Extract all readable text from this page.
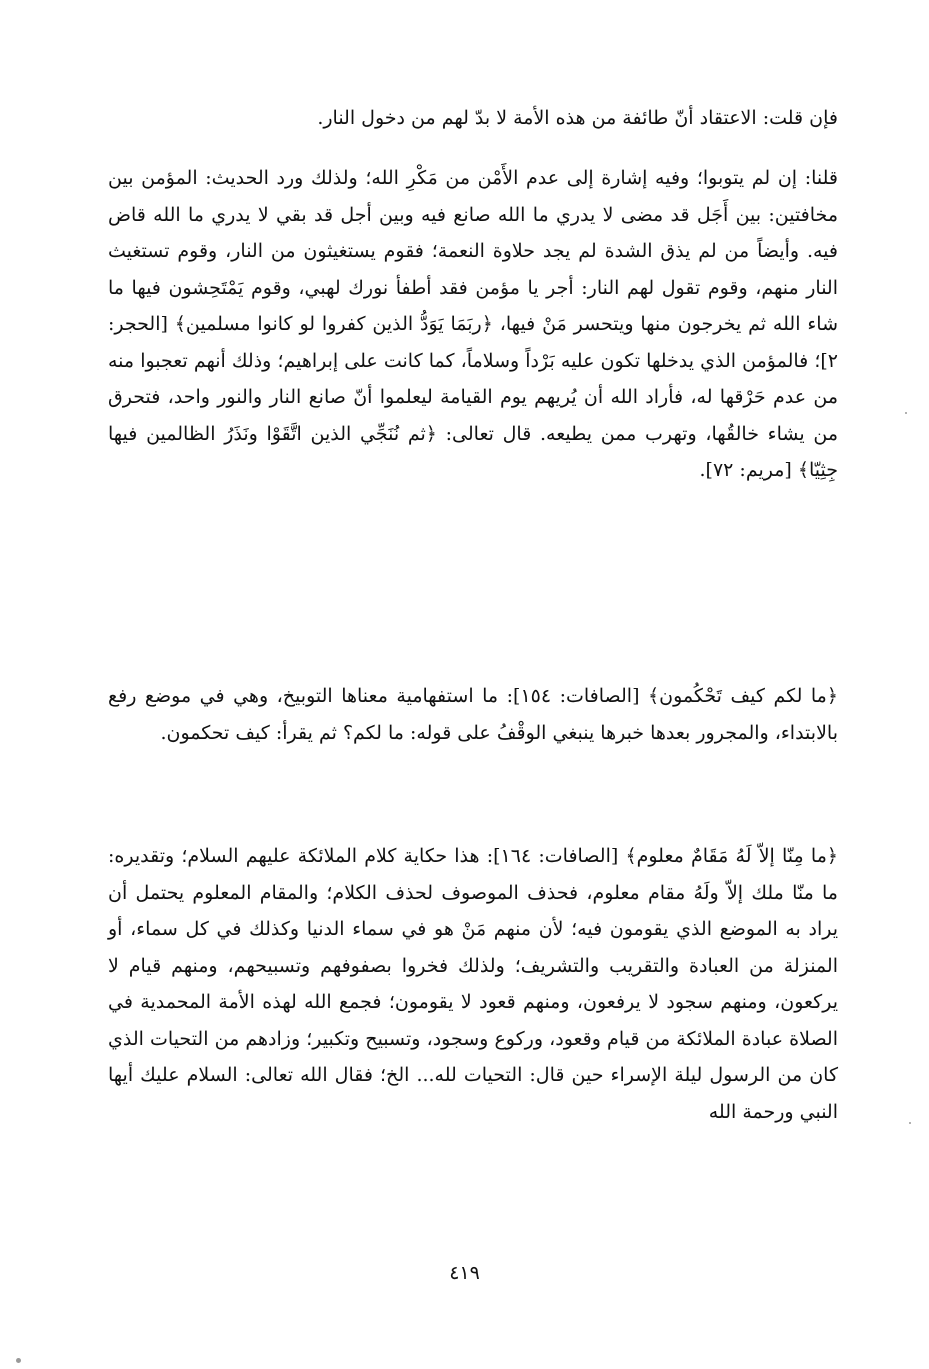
فإن قلت: الاعتقاد أنّ طائفة من هذه الأمة لا بدّ لهم من دخول النار.

قلنا: إن لم يتوبوا؛ وفيه إشارة إلى عدم الأَمْن من مَكْرِ الله؛ ولذلك ورد الحديث: المؤمن بين مخافتين: بين أَجَل قد مضى لا يدري ما الله صانع فيه وبين أجل قد بقي لا يدري ما الله قاض فيه. وأيضاً من لم يذق الشدة لم يجد حلاوة النعمة؛ فقوم يستغيثون من النار، وقوم تستغيث النار منهم، وقوم تقول لهم النار: أجر يا مؤمن فقد أطفأ نورك لهبي، وقوم يَمْتَحِشون فيها ما شاء الله ثم يخرجون منها ويتحسر مَنْ فيها، ﴿ربَمَا يَوَدُّ الذين كفروا لو كانوا مسلمين﴾ [الحجر: ٢]؛ فالمؤمن الذي يدخلها تكون عليه بَرْداً وسلاماً، كما كانت على إبراهيم؛ وذلك أنهم تعجبوا منه من عدم حَرْقها له، فأراد الله أن يُريهم يوم القيامة ليعلموا أنّ صانع النار والنور واحد، فتحرق من يشاء خالقُها، وتهرب ممن يطيعه. قال تعالى: ﴿ثم نُنَجِّي الذين اتَّقَوْا ونَذَرُ الظالمين فيها جِثِيّا﴾ [مريم: ٧٢].

﴿ما لكم كيف تَحْكُمون﴾ [الصافات: ١٥٤]: ما استفهامية معناها التوبيخ، وهي في موضع رفع بالابتداء، والمجرور بعدها خبرها ينبغي الوقْفُ على قوله: ما لكم؟ ثم يقرأ: كيف تحكمون.

﴿ما مِنّا إلاّ لَهُ مَقَامٌ معلوم﴾ [الصافات: ١٦٤]: هذا حكاية كلام الملائكة عليهم السلام؛ وتقديره: ما منّا ملك إلاّ ولَهُ مقام معلوم، فحذف الموصوف لحذف الكلام؛ والمقام المعلوم يحتمل أن يراد به الموضع الذي يقومون فيه؛ لأن منهم مَنْ هو في سماء الدنيا وكذلك في كل سماء، أو المنزلة من العبادة والتقريب والتشريف؛ ولذلك فخروا بصفوفهم وتسبيحهم، ومنهم قيام لا يركعون، ومنهم سجود لا يرفعون، ومنهم قعود لا يقومون؛ فجمع الله لهذه الأمة المحمدية في الصلاة عبادة الملائكة من قيام وقعود، وركوع وسجود، وتسبيح وتكبير؛ وزادهم من التحيات الذي كان من الرسول ليلة الإسراء حين قال: التحيات لله... الخ؛ فقال الله تعالى: السلام عليك أيها النبي ورحمة الله

٤١٩
